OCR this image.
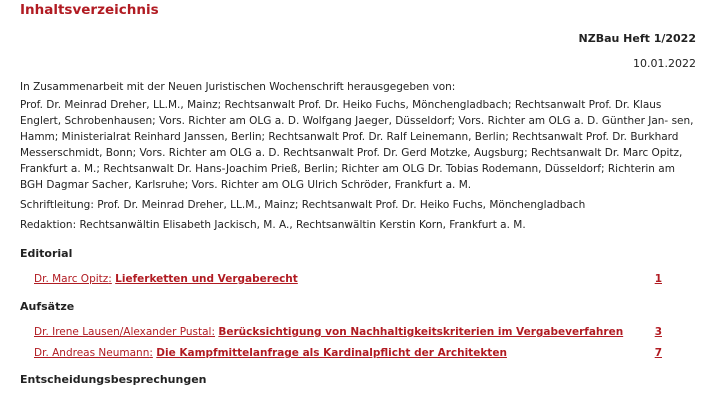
Inhaltsverzeichnis
NZBau Heft 1/2022
10.01.2022
In Zusammenarbeit mit der Neuen Juristischen Wochenschrift herausgegeben von:
Prof. Dr. Meinrad Dreher, LL.M., Mainz; Rechtsanwalt Prof. Dr. Heiko Fuchs, Mönchengladbach; Rechtsanwalt Prof. Dr. KlausEnglert, Schrobenhausen; Vors. Richter am OLG a. D. Wolfgang Jaeger, Düsseldorf; Vors. Richter am OLG a. D. Günther Jan- sen, Hamm; Ministerialrat Reinhard Janssen, Berlin; Rechtsanwalt Prof. Dr. Ralf Leinemann, Berlin; Rechtsanwalt Prof. Dr. Burkhard Messerschmidt, Bonn; Vors. Richter am OLG a. D. Rechtsanwalt Prof. Dr. Gerd Motzke, Augsburg; Rechtsanwalt Dr. Marc Opitz, Frankfurt a. M.; Rechtsanwalt Dr. Hans-Joachim Prieß, Berlin; Richter am OLG Dr. Tobias Rodemann, Düsseldorf; Richterin am BGH Dagmar Sacher, Karlsruhe; Vors. Richter am OLG Ulrich Schröder, Frankfurt a. M.
Schriftleitung: Prof. Dr. Meinrad Dreher, LL.M., Mainz; Rechtsanwalt Prof. Dr. Heiko Fuchs, Mönchengladbach
Redaktion: Rechtsanwältin Elisabeth Jackisch, M. A., Rechtsanwältin Kerstin Korn, Frankfurt a. M.
Editorial
Dr. Marc Opitz: Lieferketten und Vergaberecht	1
Aufsätze
Dr. Irene Lausen/Alexander Pustal: Berücksichtigung von Nachhaltigkeitskriterien im Vergabeverfahren	3
Dr. Andreas Neumann: Die Kampfmittelanfrage als Kardinalpflicht der Architekten	7
Entscheidungsbesprechungen
